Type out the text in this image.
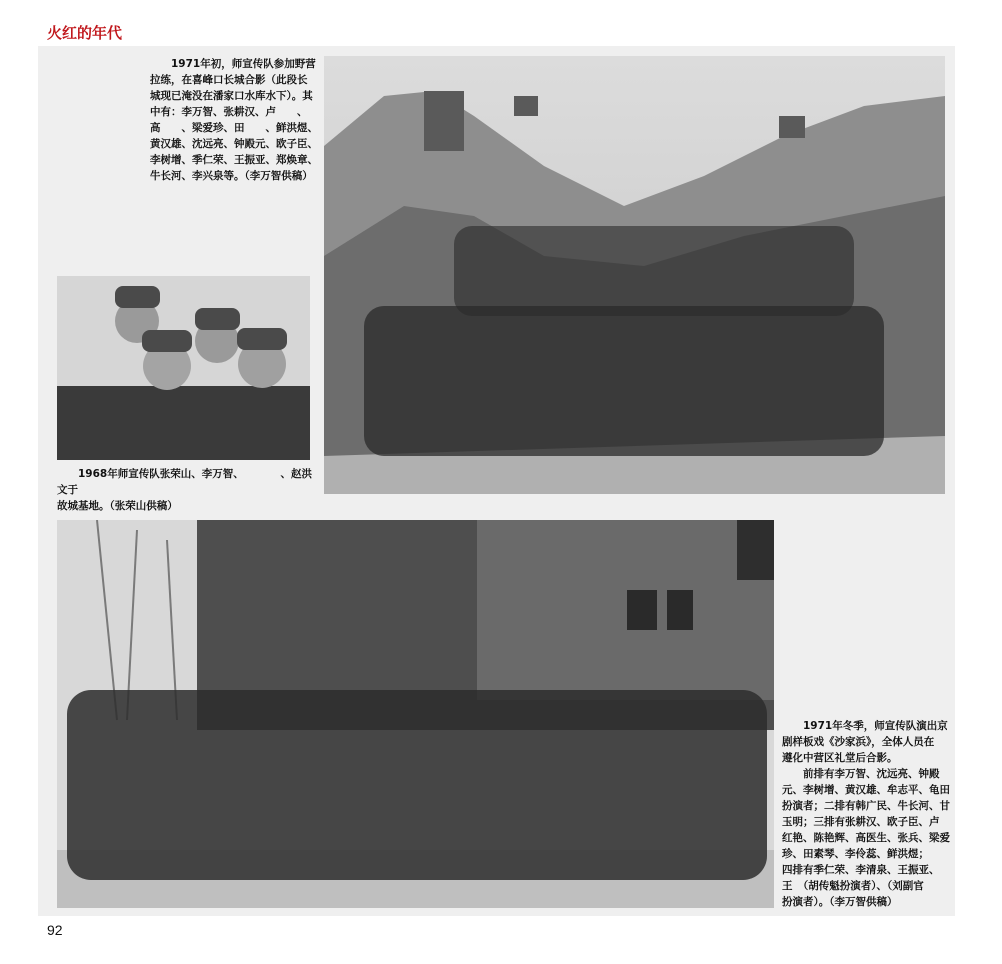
火红的年代
　　1971年初，师宣传队参加野营
拉练，在喜峰口长城合影（此段长
城现已淹没在潘家口水库水下）。其
中有：李万智、张耕汉、卢　　、
高　　、梁爱珍、田　　、鲜洪煜、
黄汉雄、沈远亮、钟殿元、欧子臣、
李树增、季仁荣、王振亚、郑焕章、
牛长河、李兴泉等。（李万智供稿）
　　1968年师宣传队张荣山、李万智、　　　　、赵洪文于
故城基地。（张荣山供稿）
　　1971年冬季，师宣传队演出京
剧样板戏《沙家浜》，全体人员在
遵化中营区礼堂后合影。
　　前排有李万智、沈远亮、钟殿
元、李树增、黄汉雄、牟志平、龟田
扮演者；二排有韩广民、牛长河、甘
玉明；三排有张耕汉、欧子臣、卢
红艳、陈艳辉、高医生、张兵、梁爱
珍、田素琴、李伶蕊、鲜洪煜；
四排有季仁荣、李清泉、王振亚、
王　（胡传魁扮演者）、（刘副官
扮演者）。（李万智供稿）
92
